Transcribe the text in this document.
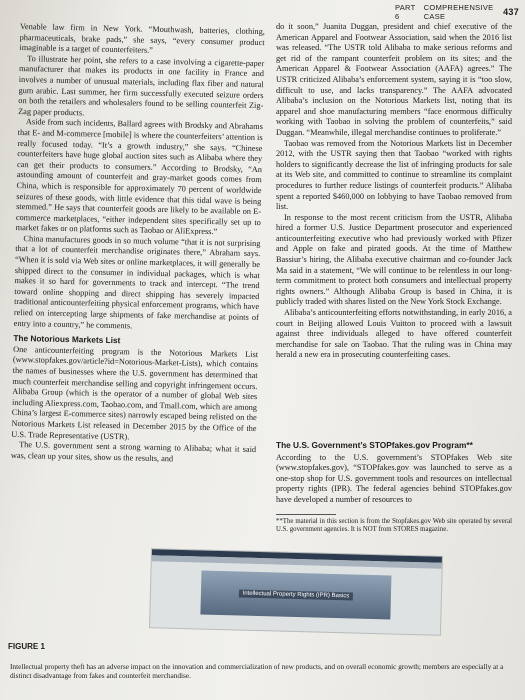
PART 6
COMPREHENSIVE CASE	437

Venable law firm in New York. “Mouthwash, batteries, clothing, pharmaceuticals, brake pads,” she says, “every consumer product imaginable is a target of counterfeiters.”

To illustrate her point, she refers to a case involving a cigarette-paper manufacturer that makes its products in one facility in France and involves a number of unusual materials, including flax fiber and natural gum arabic. Last summer, her firm successfully executed seizure orders on both the retailers and wholesalers found to be selling counterfeit Zig-Zag paper products.

Aside from such incidents, Ballard agrees with Brodsky and Abrahams that E- and M-commerce [mobile] is where the counterfeiters’ attention is really focused today. “It’s a growth industry,” she says. “Chinese counterfeiters have huge global auction sites such as Alibaba where they can get their products to consumers.” According to Brodsky, “An astounding amount of counterfeit and gray-market goods comes from China, which is responsible for approximately 70 percent of worldwide seizures of these goods, with little evidence that this tidal wave is being stemmed.” He says that counterfeit goods are likely to be available on E-commerce marketplaces, “either independent sites specifically set up to market fakes or on platforms such as Taobao or AliExpress.”

China manufactures goods in so much volume “that it is not surprising that a lot of counterfeit merchandise originates there,” Abraham says. “When it is sold via Web sites or online marketplaces, it will generally be shipped direct to the consumer in individual packages, which is what makes it so hard for governments to track and intercept. “The trend toward online shopping and direct shipping has severely impacted traditional anticounterfeiting physical enforcement programs, which have relied on intercepting large shipments of fake merchandise at points of entry into a country,” he comments.

The Notorious Markets List

One anticounterfeiting program is the Notorious Markets List (www.stopfakes.gov/article?id=Notorious-Market-Lists), which contains the names of businesses where the U.S. government has determined that much counterfeit merchandise selling and copyright infringement occurs. Alibaba Group (which is the operator of a number of global Web sites including Aliexpress.com, Taobao.com, and Tmall.com, which are among China’s largest E-commerce sites) narrowly escaped being relisted on the Notorious Markets List released in December 2015 by the Office of the U.S. Trade Representative (USTR).

The U.S. government sent a strong warning to Alibaba; what it said was, clean up your sites, show us the results, and

do it soon,” Juanita Duggan, president and chief executive of the American Apparel and Footwear Association, said when the 2016 list was released. “The USTR told Alibaba to make serious reforms and get rid of the rampant counterfeit problem on its sites; and the American Apparel & Footwear Association (AAFA) agrees.” The USTR criticized Alibaba’s enforcement system, saying it is “too slow, difficult to use, and lacks transparency.” The AAFA advocated Alibaba’s inclusion on the Notorious Markets list, noting that its apparel and shoe manufacturing members “face enormous difficulty working with Taobao in solving the problem of counterfeits,” said Duggan. “Meanwhile, illegal merchandise continues to proliferate.”

Taobao was removed from the Notorious Markets list in December 2012, with the USTR saying then that Taobao “worked with rights holders to significantly decrease the list of infringing products for sale at its Web site, and committed to continue to streamline its complaint procedures to further reduce listings of counterfeit products.” Alibaba spent a reported $460,000 on lobbying to have Taobao removed from list.

In response to the most recent criticism from the USTR, Alibaba hired a former U.S. Justice Department prosecutor and experienced anticounterfeiting executive who had previously worked with Pfizer and Apple on fake and pirated goods. At the time of Matthew Bassiur’s hiring, the Alibaba executive chairman and co-founder Jack Ma said in a statement, “We will continue to be relentless in our long-term commitment to protect both consumers and intellectual property rights owners.” Although Alibaba Group is based in China, it is publicly traded with shares listed on the New York Stock Exchange.

Alibaba’s anticounterfeiting efforts notwithstanding, in early 2016, a court in Beijing allowed Louis Vuitton to proceed with a lawsuit against three individuals alleged to have offered counterfeit merchandise for sale on Taobao. That the ruling was in China may herald a new era in prosecuting counterfeiting cases.

The U.S. Government’s STOPfakes.gov Program**

According to the U.S. government’s STOPfakes Web site (www.stopfakes.gov), “STOPfakes.gov was launched to serve as a one-stop shop for U.S. government tools and resources on intellectual property rights (IPR). The federal agencies behind STOPfakes.gov have developed a number of resources to

**The material in this section is from the Stopfakes.gov Web site operated by several U.S. government agencies. It is NOT from STORES magazine.

Intellectual Property Rights (IPR) Basics
FIGURE 1
Intellectual property theft has an adverse impact on the innovation and commercialization of new products, and on overall economic growth; members are especially at a distinct disadvantage from fakes and counterfeit merchandise.
